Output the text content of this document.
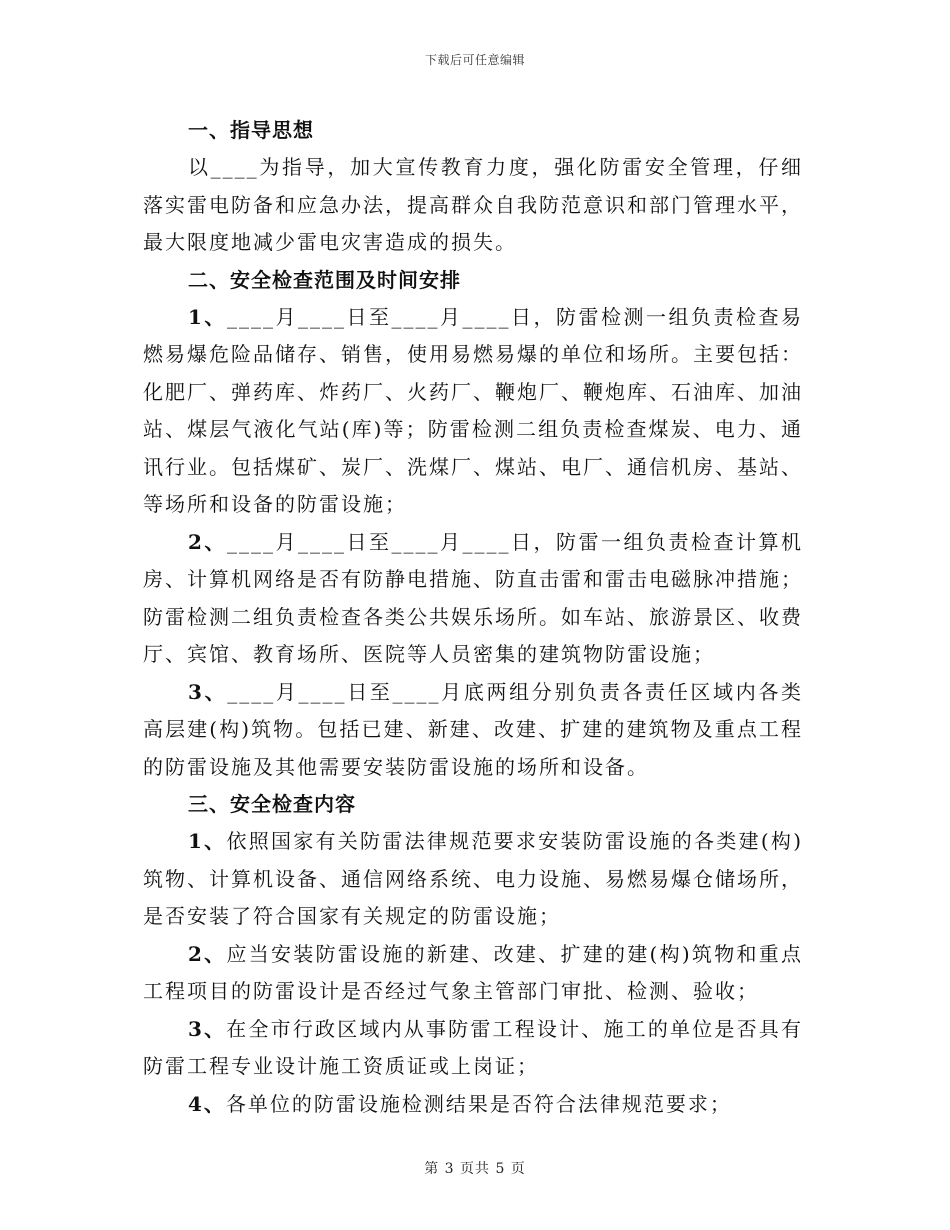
下载后可任意编辑
一、指导思想

以____为指导，加大宣传教育力度，强化防雷安全管理，仔细落实雷电防备和应急办法，提高群众自我防范意识和部门管理水平，最大限度地减少雷电灾害造成的损失。

二、安全检查范围及时间安排

1、____月____日至____月____日，防雷检测一组负责检查易燃易爆危险品储存、销售，使用易燃易爆的单位和场所。主要包括：化肥厂、弹药库、炸药厂、火药厂、鞭炮厂、鞭炮库、石油库、加油站、煤层气液化气站(库)等；防雷检测二组负责检查煤炭、电力、通讯行业。包括煤矿、炭厂、洗煤厂、煤站、电厂、通信机房、基站、等场所和设备的防雷设施；

2、____月____日至____月____日，防雷一组负责检查计算机房、计算机网络是否有防静电措施、防直击雷和雷击电磁脉冲措施；防雷检测二组负责检查各类公共娱乐场所。如车站、旅游景区、收费厅、宾馆、教育场所、医院等人员密集的建筑物防雷设施；

3、____月____日至____月底两组分别负责各责任区域内各类高层建(构)筑物。包括已建、新建、改建、扩建的建筑物及重点工程的防雷设施及其他需要安装防雷设施的场所和设备。

三、安全检查内容

1、依照国家有关防雷法律规范要求安装防雷设施的各类建(构)筑物、计算机设备、通信网络系统、电力设施、易燃易爆仓储场所，是否安装了符合国家有关规定的防雷设施；

2、应当安装防雷设施的新建、改建、扩建的建(构)筑物和重点工程项目的防雷设计是否经过气象主管部门审批、检测、验收；

3、在全市行政区域内从事防雷工程设计、施工的单位是否具有防雷工程专业设计施工资质证或上岗证；

4、各单位的防雷设施检测结果是否符合法律规范要求；

第 3 页共 5 页
